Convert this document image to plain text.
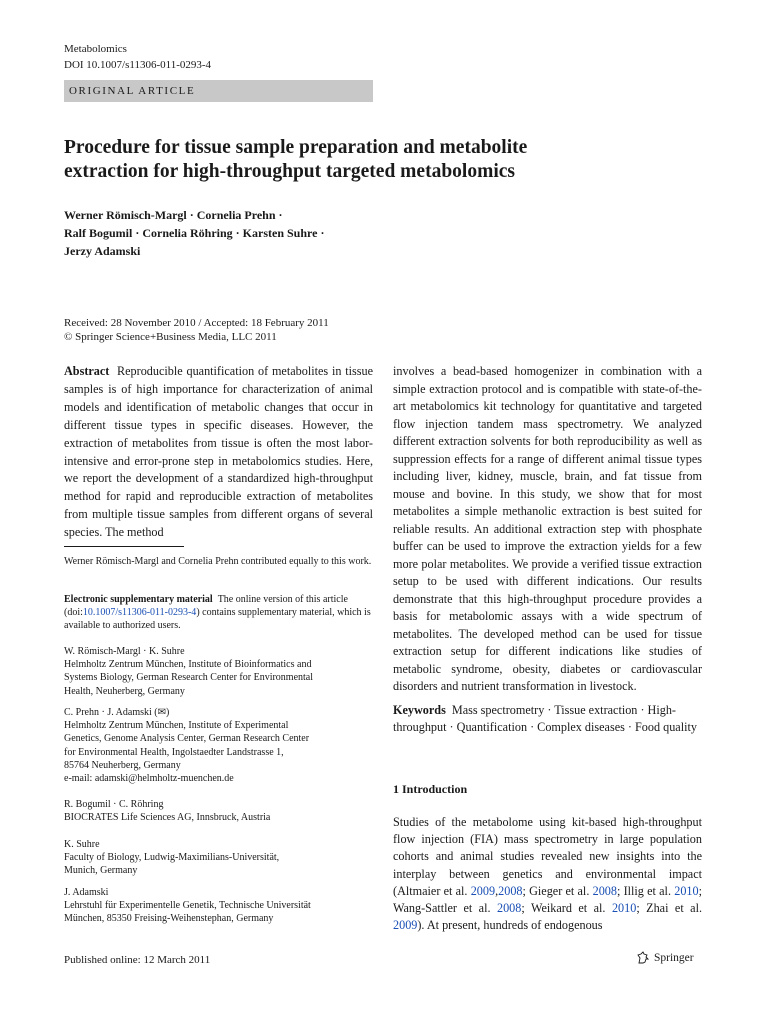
Metabolomics
DOI 10.1007/s11306-011-0293-4
ORIGINAL ARTICLE
Procedure for tissue sample preparation and metabolite
extraction for high-throughput targeted metabolomics
Werner Römisch-Margl · Cornelia Prehn ·
Ralf Bogumil · Cornelia Röhring · Karsten Suhre ·
Jerzy Adamski
Received: 28 November 2010 / Accepted: 18 February 2011
© Springer Science+Business Media, LLC 2011
Abstract Reproducible quantification of metabolites in tissue samples is of high importance for characterization of animal models and identification of metabolic changes that occur in different tissue types in specific diseases. However, the extraction of metabolites from tissue is often the most labor-intensive and error-prone step in metabolomics studies. Here, we report the development of a standardized high-throughput method for rapid and reproducible extraction of metabolites from multiple tissue samples from different organs of several species. The method
Werner Römisch-Margl and Cornelia Prehn contributed equally to this work.
Electronic supplementary material The online version of this article (doi:10.1007/s11306-011-0293-4) contains supplementary material, which is available to authorized users.
W. Römisch-Margl · K. Suhre
Helmholtz Zentrum München, Institute of Bioinformatics and
Systems Biology, German Research Center for Environmental
Health, Neuherberg, Germany
C. Prehn · J. Adamski (✉)
Helmholtz Zentrum München, Institute of Experimental
Genetics, Genome Analysis Center, German Research Center
for Environmental Health, Ingolstaedter Landstrasse 1,
85764 Neuherberg, Germany
e-mail: adamski@helmholtz-muenchen.de
R. Bogumil · C. Röhring
BIOCRATES Life Sciences AG, Innsbruck, Austria
K. Suhre
Faculty of Biology, Ludwig-Maximilians-Universität,
Munich, Germany
J. Adamski
Lehrstuhl für Experimentelle Genetik, Technische Universität
München, 85350 Freising-Weihenstephan, Germany
involves a bead-based homogenizer in combination with a simple extraction protocol and is compatible with state-of-the-art metabolomics kit technology for quantitative and targeted flow injection tandem mass spectrometry. We analyzed different extraction solvents for both reproducibility as well as suppression effects for a range of different animal tissue types including liver, kidney, muscle, brain, and fat tissue from mouse and bovine. In this study, we show that for most metabolites a simple methanolic extraction is best suited for reliable results. An additional extraction step with phosphate buffer can be used to improve the extraction yields for a few more polar metabolites. We provide a verified tissue extraction setup to be used with different indications. Our results demonstrate that this high-throughput procedure provides a basis for metabolomic assays with a wide spectrum of metabolites. The developed method can be used for tissue extraction setup for different indications like studies of metabolic syndrome, obesity, diabetes or cardiovascular disorders and nutrient transformation in livestock.
Keywords Mass spectrometry · Tissue extraction · High-throughput · Quantification · Complex diseases · Food quality
1 Introduction
Studies of the metabolome using kit-based high-throughput flow injection (FIA) mass spectrometry in large population cohorts and animal studies revealed new insights into the interplay between genetics and environmental impact (Altmaier et al. 2009,2008; Gieger et al. 2008; Illig et al. 2010; Wang-Sattler et al. 2008; Weikard et al. 2010; Zhai et al. 2009). At present, hundreds of endogenous
Published online: 12 March 2011	Springer
